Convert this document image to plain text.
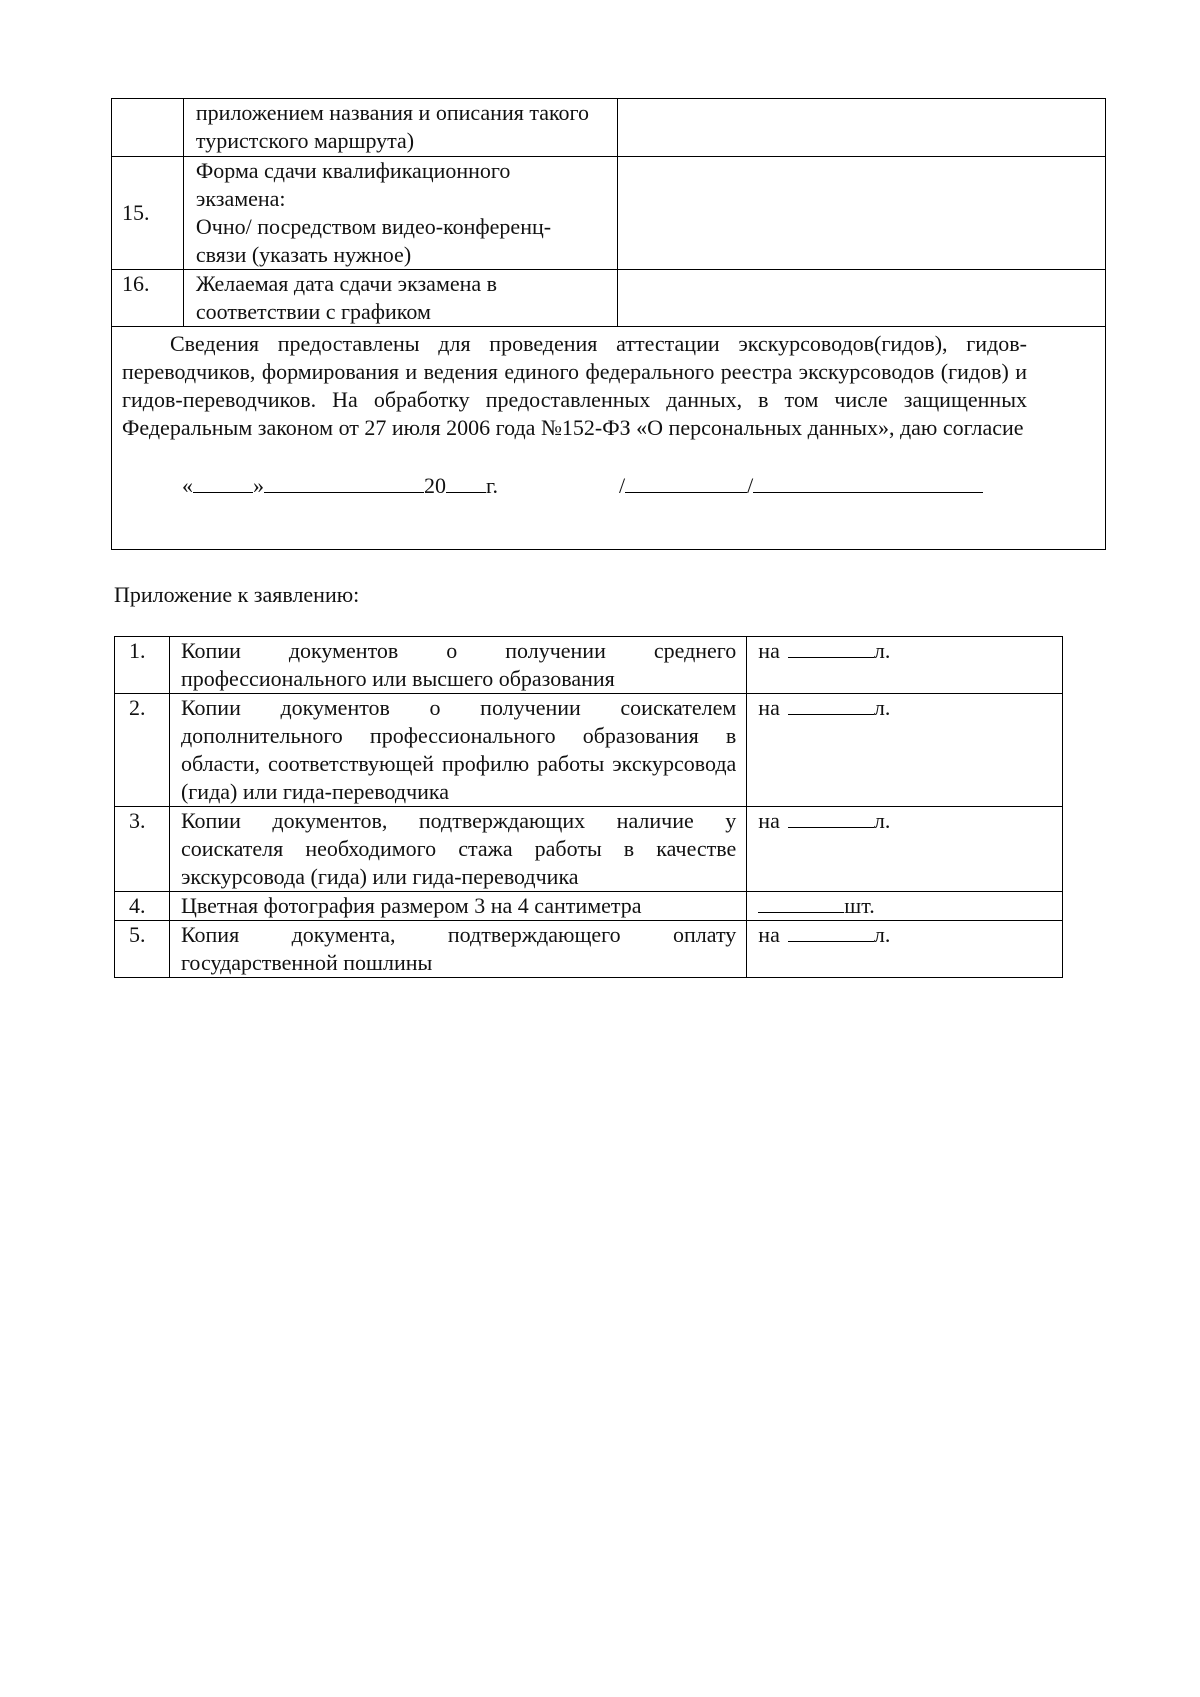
	приложением названия и описания такого туристского маршрута)	
15.	Форма сдачи квалификационного
экзамена:
Очно/ посредством видео-конференц-
связи (указать нужное)	

16.	Желаемая дата сдачи экзамена в
соответствии с графиком	

Сведения предоставлены для проведения аттестации экскурсоводов(гидов), гидов-переводчиков, формирования и ведения единого федерального реестра экскурсоводов (гидов) и гидов-переводчиков. На обработку предоставленных данных, в том числе защищенных Федеральным законом от 27 июля 2006 года №152-ФЗ «О персональных данных», даю согласие

« » 20 г. / /		
Приложение к заявлению:
1.	Копии документов о получении среднего профессионального или высшего образования	на л.
2.	Копии документов о получении соискателем дополнительного профессионального образования в области, соответствующей профилю работы экскурсовода (гида) или гида-переводчика	на л.
3.	Копии документов, подтверждающих наличие у соискателя необходимого стажа работы в качестве экскурсовода (гида) или гида-переводчика	на л.
4.	Цветная фотография размером 3 на 4 сантиметра	шт.
5.	Копия документа, подтверждающего оплату государственной пошлины	на л.
